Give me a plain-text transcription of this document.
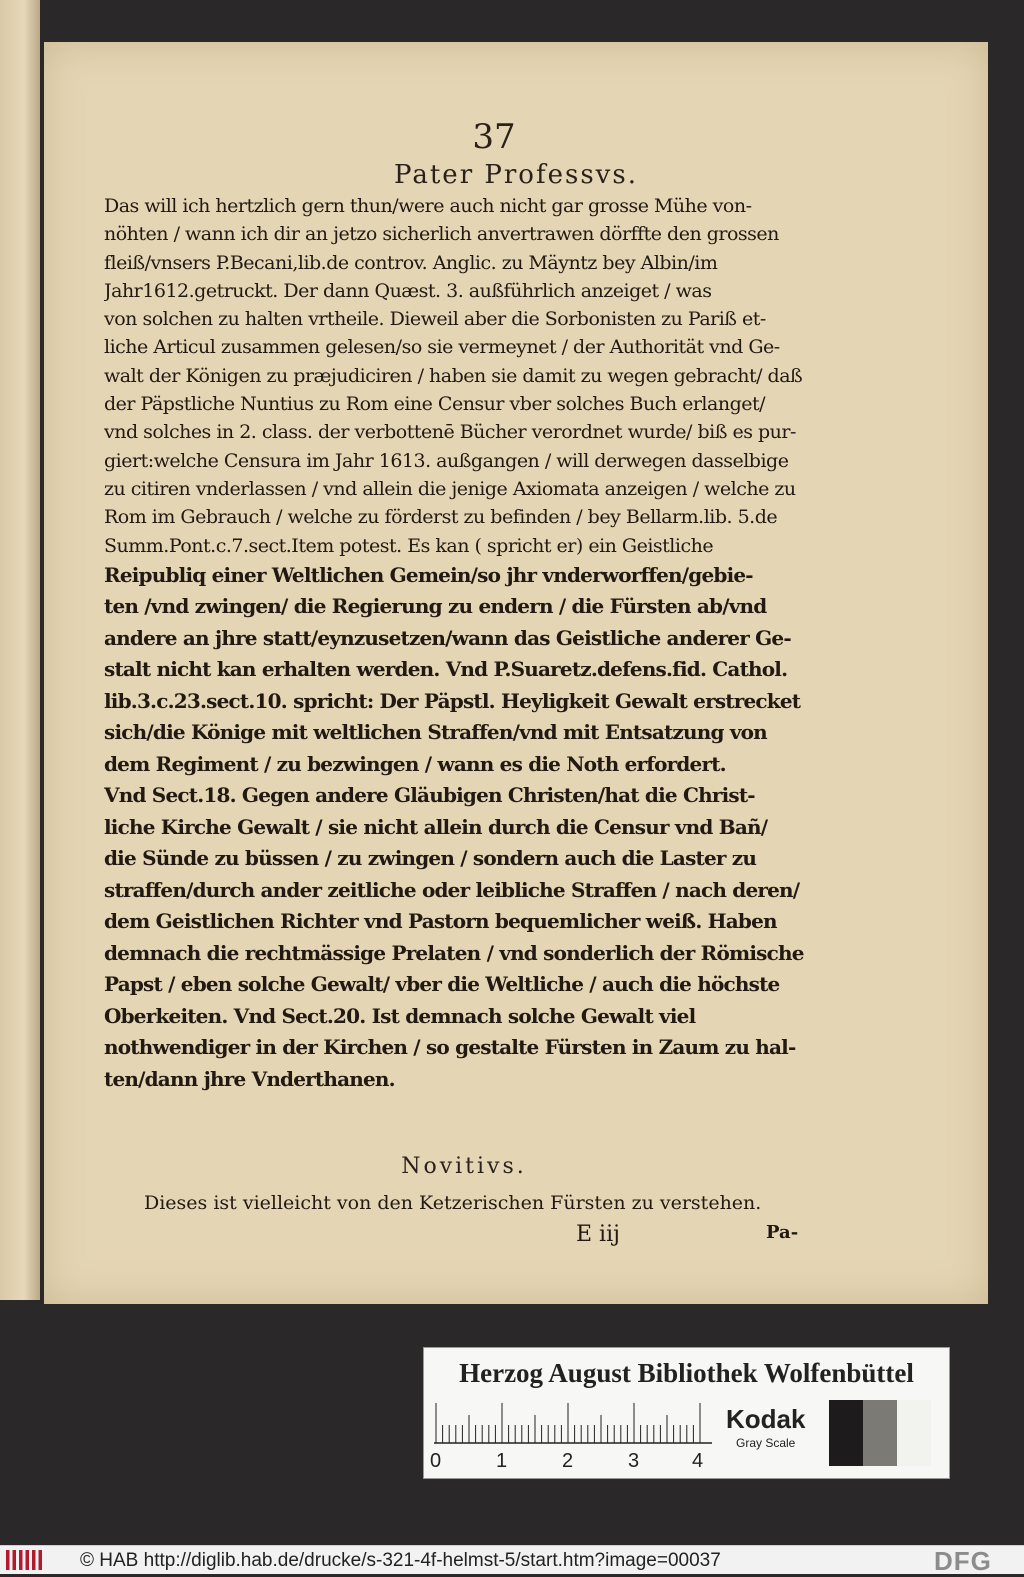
37
Pater Professvs.
Das will ich hertzlich gern thun/were auch nicht gar grosse Mühe von-
nöhten / wann ich dir an jetzo sicherlich anvertrawen dörffte den grossen
fleiß/vnsers P.Becani,lib.de controv. Anglic. zu Mäyntz bey Albin/im
Jahr1612.getruckt. Der dann Quæst. 3. außführlich anzeiget / was
von solchen zu halten vrtheile. Dieweil aber die Sorbonisten zu Pariß et-
liche Articul zusammen gelesen/so sie vermeynet / der Authorität vnd Ge-
walt der Königen zu præjudiciren / haben sie damit zu wegen gebracht/ daß
der Päpstliche Nuntius zu Rom eine Censur vber solches Buch erlanget/
vnd solches in 2. class. der verbottenē Bücher verordnet wurde/ biß es pur-
giert:welche Censura im Jahr 1613. außgangen / will derwegen dasselbige
zu citiren vnderlassen / vnd allein die jenige Axiomata anzeigen / welche zu
Rom im Gebrauch / welche zu förderst zu befinden / bey Bellarm.lib. 5.de
Summ.Pont.c.7.sect.Item potest. Es kan ( spricht er) ein Geistliche
Reipubliq einer Weltlichen Gemein/so jhr vnderworffen/gebie-
ten /vnd zwingen/ die Regierung zu endern / die Fürsten ab/vnd
andere an jhre statt/eynzusetzen/wann das Geistliche anderer Ge-
stalt nicht kan erhalten werden. Vnd P.Suaretz.defens.fid. Cathol.
lib.3.c.23.sect.10. spricht: Der Päpstl. Heyligkeit Gewalt erstrecket
sich/die Könige mit weltlichen Straffen/vnd mit Entsatzung von
dem Regiment / zu bezwingen / wann es die Noth erfordert.
Vnd Sect.18. Gegen andere Gläubigen Christen/hat die Christ-
liche Kirche Gewalt / sie nicht allein durch die Censur vnd Bañ/
die Sünde zu büssen / zu zwingen / sondern auch die Laster zu
straffen/durch ander zeitliche oder leibliche Straffen / nach deren/
dem Geistlichen Richter vnd Pastorn bequemlicher weiß. Haben
demnach die rechtmässige Prelaten / vnd sonderlich der Römische
Papst / eben solche Gewalt/ vber die Weltliche / auch die höchste
Oberkeiten. Vnd Sect.20. Ist demnach solche Gewalt viel
nothwendiger in der Kirchen / so gestalte Fürsten in Zaum zu hal-
ten/dann jhre Vnderthanen.
Novitivs.
Dieses ist vielleicht von den Ketzerischen Fürsten zu verstehen.
E iij	Pa-
Herzog August Bibliothek Wolfenbüttel
0	1	2	3	4
Kodak
Gray Scale
© HAB http://diglib.hab.de/drucke/s-321-4f-helmst-5/start.htm?image=00037	DFG
